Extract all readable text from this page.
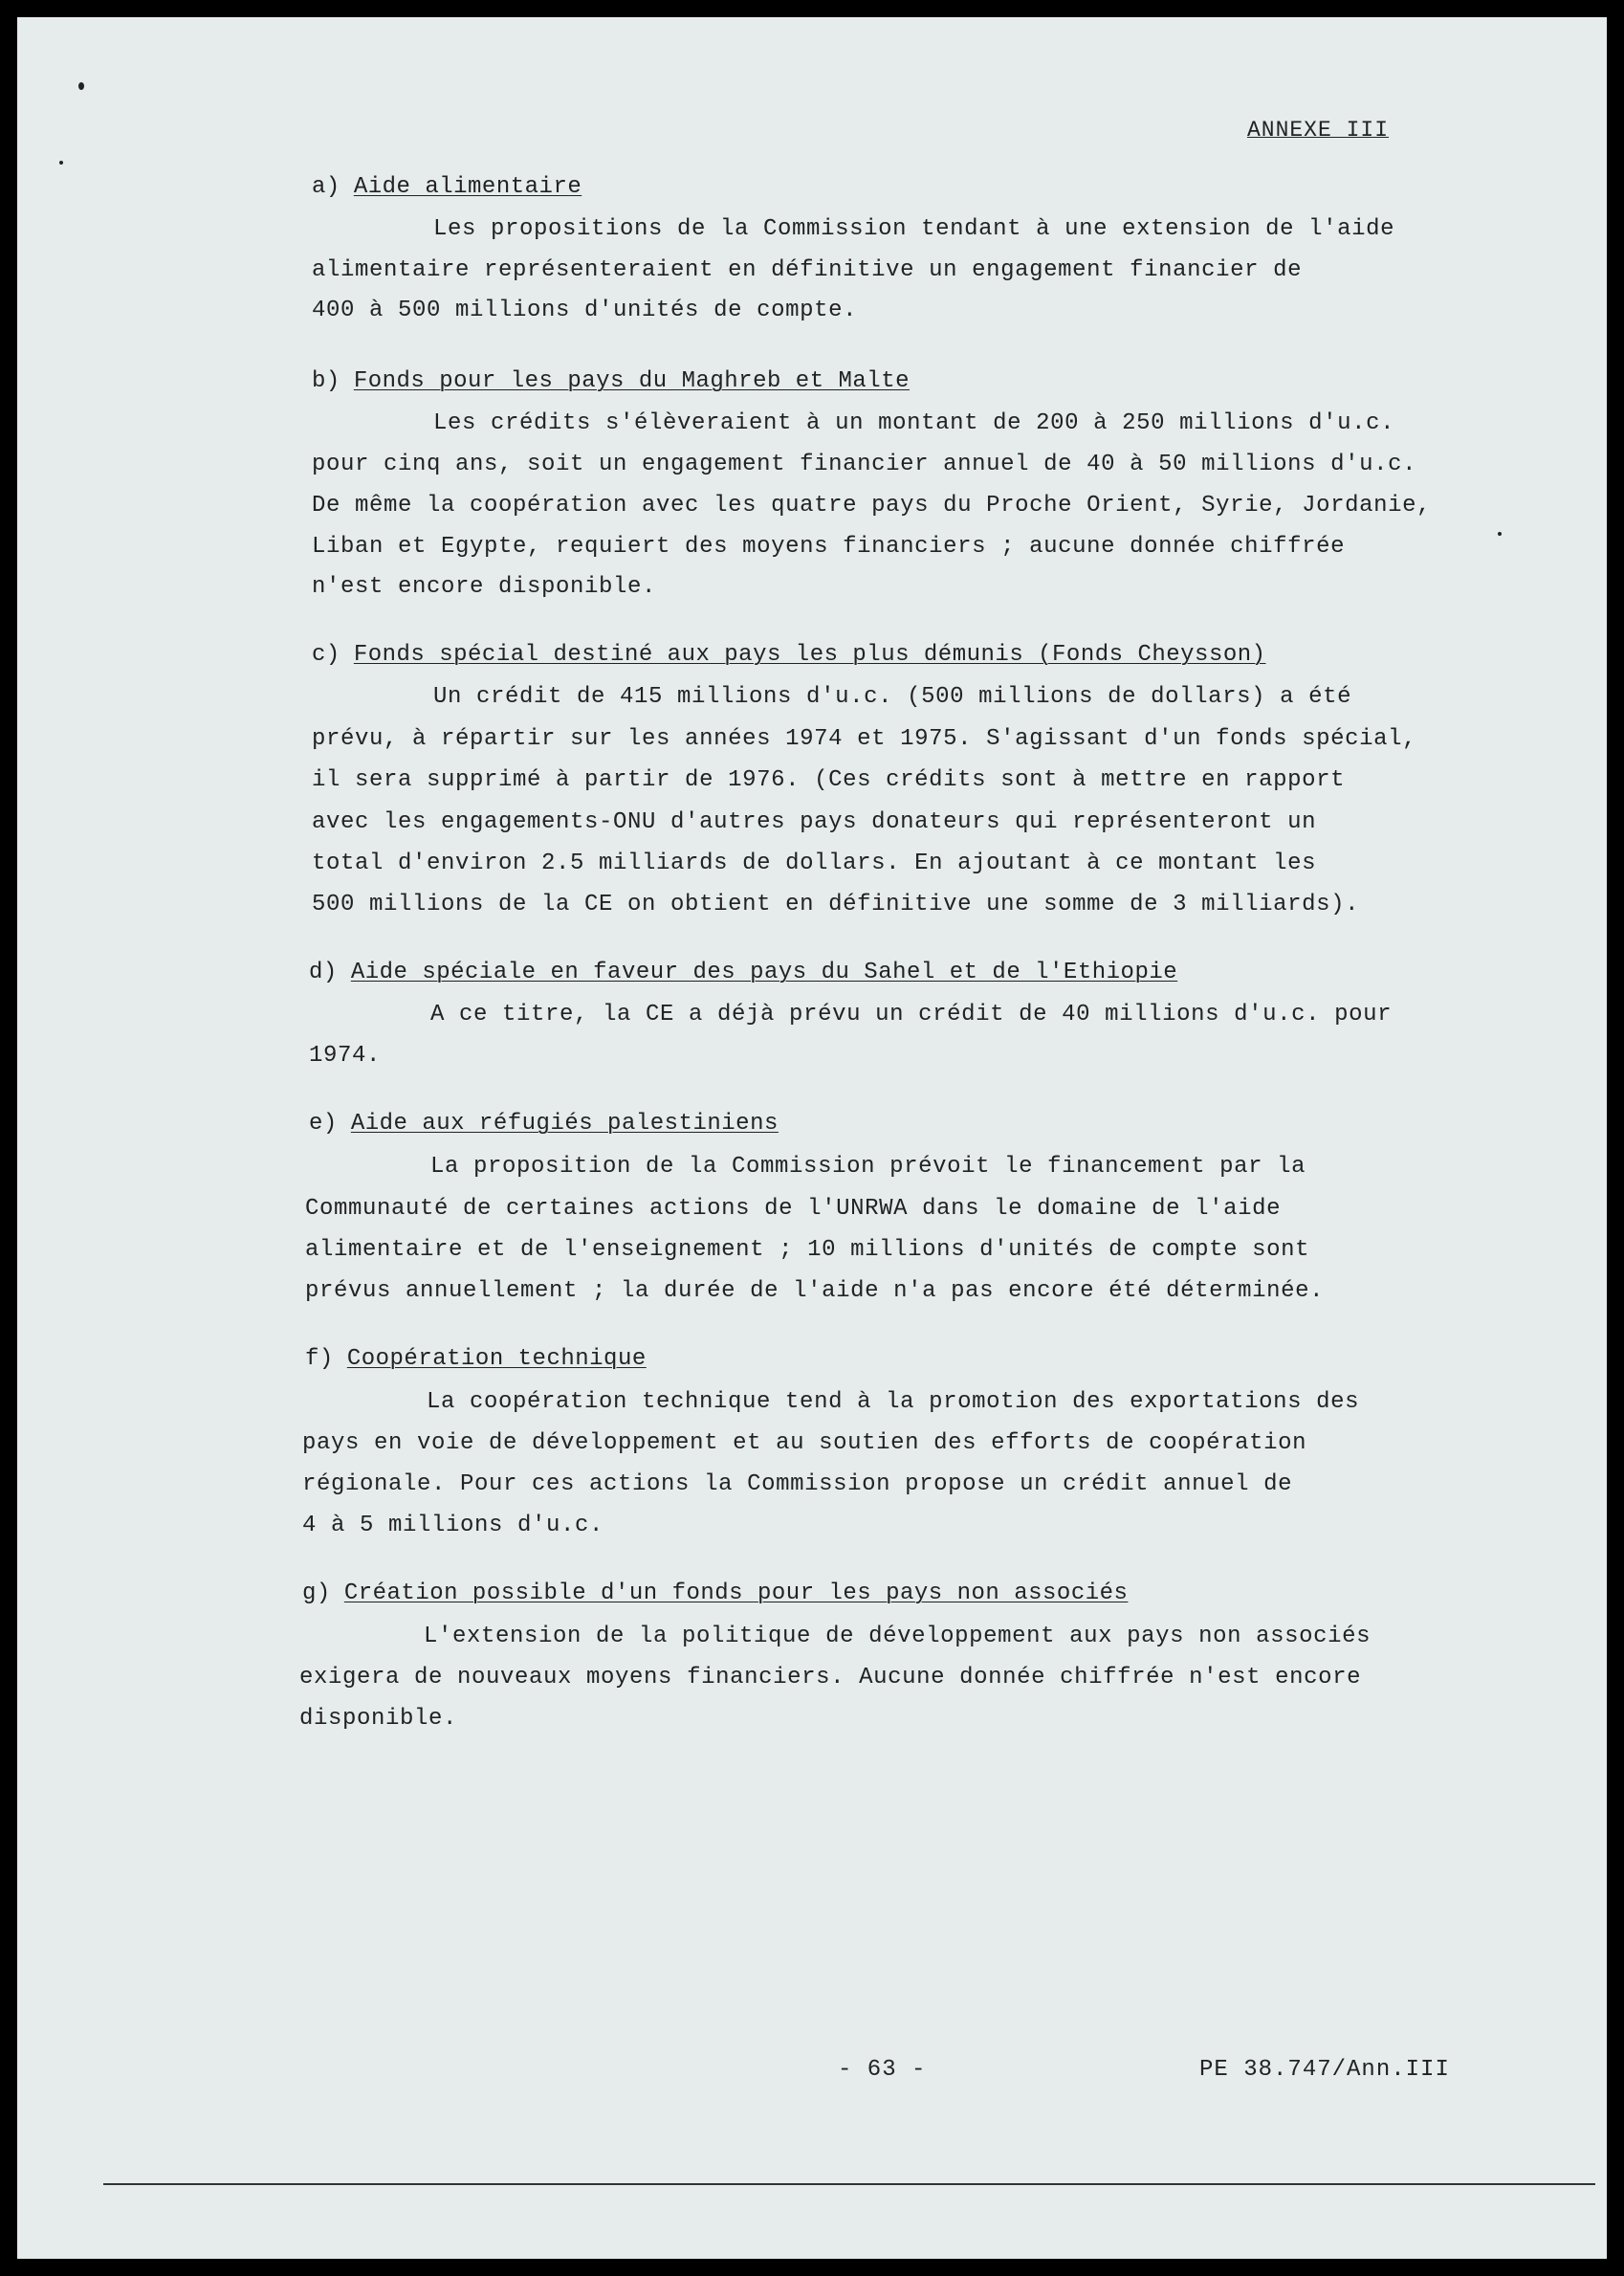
ANNEXE III
a) Aide alimentaire
Les propositions de la Commission tendant à une extension de l'aide
alimentaire représenteraient en définitive un engagement financier de
400 à 500 millions d'unités de compte.
b) Fonds pour les pays du Maghreb et Malte
Les crédits s'élèveraient à un montant de 200 à 250 millions d'u.c.
pour cinq ans, soit un engagement financier annuel de 40 à 50 millions d'u.c.
De même la coopération avec les quatre pays du Proche Orient, Syrie, Jordanie,
Liban et Egypte, requiert des moyens financiers ; aucune donnée chiffrée
n'est encore disponible.
c) Fonds spécial destiné aux pays les plus démunis (Fonds Cheysson)
Un crédit de 415 millions d'u.c. (500 millions de dollars) a été
prévu, à répartir sur les années 1974 et 1975. S'agissant d'un fonds spécial,
il sera supprimé à partir de 1976. (Ces crédits sont à mettre en rapport
avec les engagements-ONU d'autres pays donateurs qui représenteront un
total d'environ 2.5 milliards de dollars. En ajoutant à ce montant les
500 millions de la CE on obtient en définitive une somme de 3 milliards).
d) Aide spéciale en faveur des pays du Sahel et de l'Ethiopie
A ce titre, la CE a déjà prévu un crédit de 40 millions d'u.c. pour
1974.
e) Aide aux réfugiés palestiniens
La proposition de la Commission prévoit le financement par la
Communauté de certaines actions de l'UNRWA dans le domaine de l'aide
alimentaire et de l'enseignement ; 10 millions d'unités de compte sont
prévus annuellement ; la durée de l'aide n'a pas encore été déterminée.
f) Coopération technique
La coopération technique tend à la promotion des exportations des
pays en voie de développement et au soutien des efforts de coopération
régionale. Pour ces actions la Commission propose un crédit annuel de
4 à 5 millions d'u.c.
g) Création possible d'un fonds pour les pays non associés
L'extension de la politique de développement aux pays non associés
exigera de nouveaux moyens financiers. Aucune donnée chiffrée n'est encore
disponible.
- 63 -	PE 38.747/Ann.III
